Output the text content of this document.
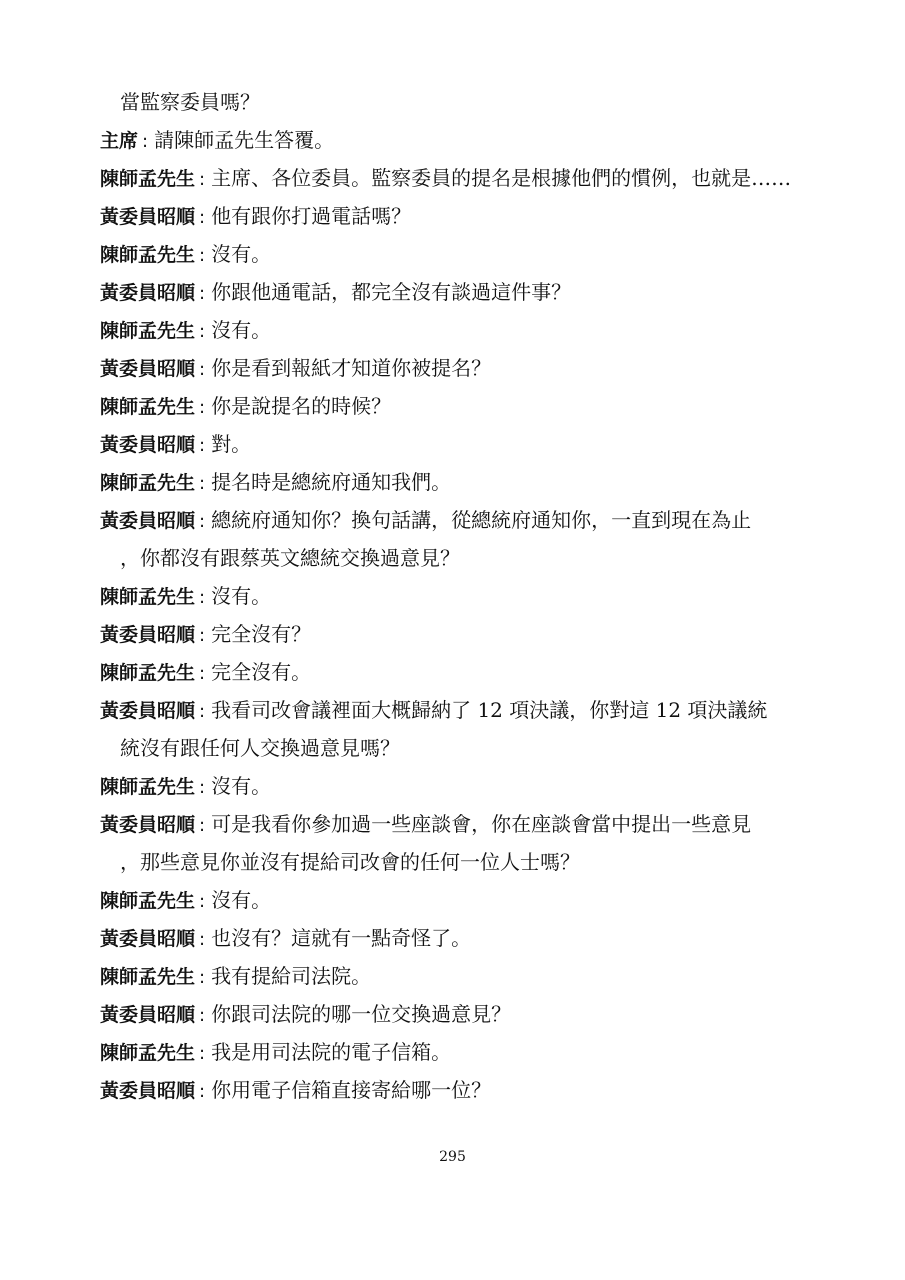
當監察委員嗎？
主席 : 請陳師孟先生答覆。
陳師孟先生 : 主席、各位委員。監察委員的提名是根據他們的慣例，也就是……
黃委員昭順 : 他有跟你打過電話嗎？
陳師孟先生 : 沒有。
黃委員昭順 : 你跟他通電話，都完全沒有談過這件事？
陳師孟先生 : 沒有。
黃委員昭順 : 你是看到報紙才知道你被提名？
陳師孟先生 : 你是說提名的時候？
黃委員昭順 : 對。
陳師孟先生 : 提名時是總統府通知我們。
黃委員昭順 : 總統府通知你？換句話講，從總統府通知你，一直到現在為止
，你都沒有跟蔡英文總統交換過意見？
陳師孟先生 : 沒有。
黃委員昭順 : 完全沒有？
陳師孟先生 : 完全沒有。
黃委員昭順 : 我看司改會議裡面大概歸納了 12 項決議，你對這 12 項決議統
統沒有跟任何人交換過意見嗎？
陳師孟先生 : 沒有。
黃委員昭順 : 可是我看你參加過一些座談會，你在座談會當中提出一些意見
，那些意見你並沒有提給司改會的任何一位人士嗎？
陳師孟先生 : 沒有。
黃委員昭順 : 也沒有？這就有一點奇怪了。
陳師孟先生 : 我有提給司法院。
黃委員昭順 : 你跟司法院的哪一位交換過意見？
陳師孟先生 : 我是用司法院的電子信箱。
黃委員昭順 : 你用電子信箱直接寄給哪一位？
295
